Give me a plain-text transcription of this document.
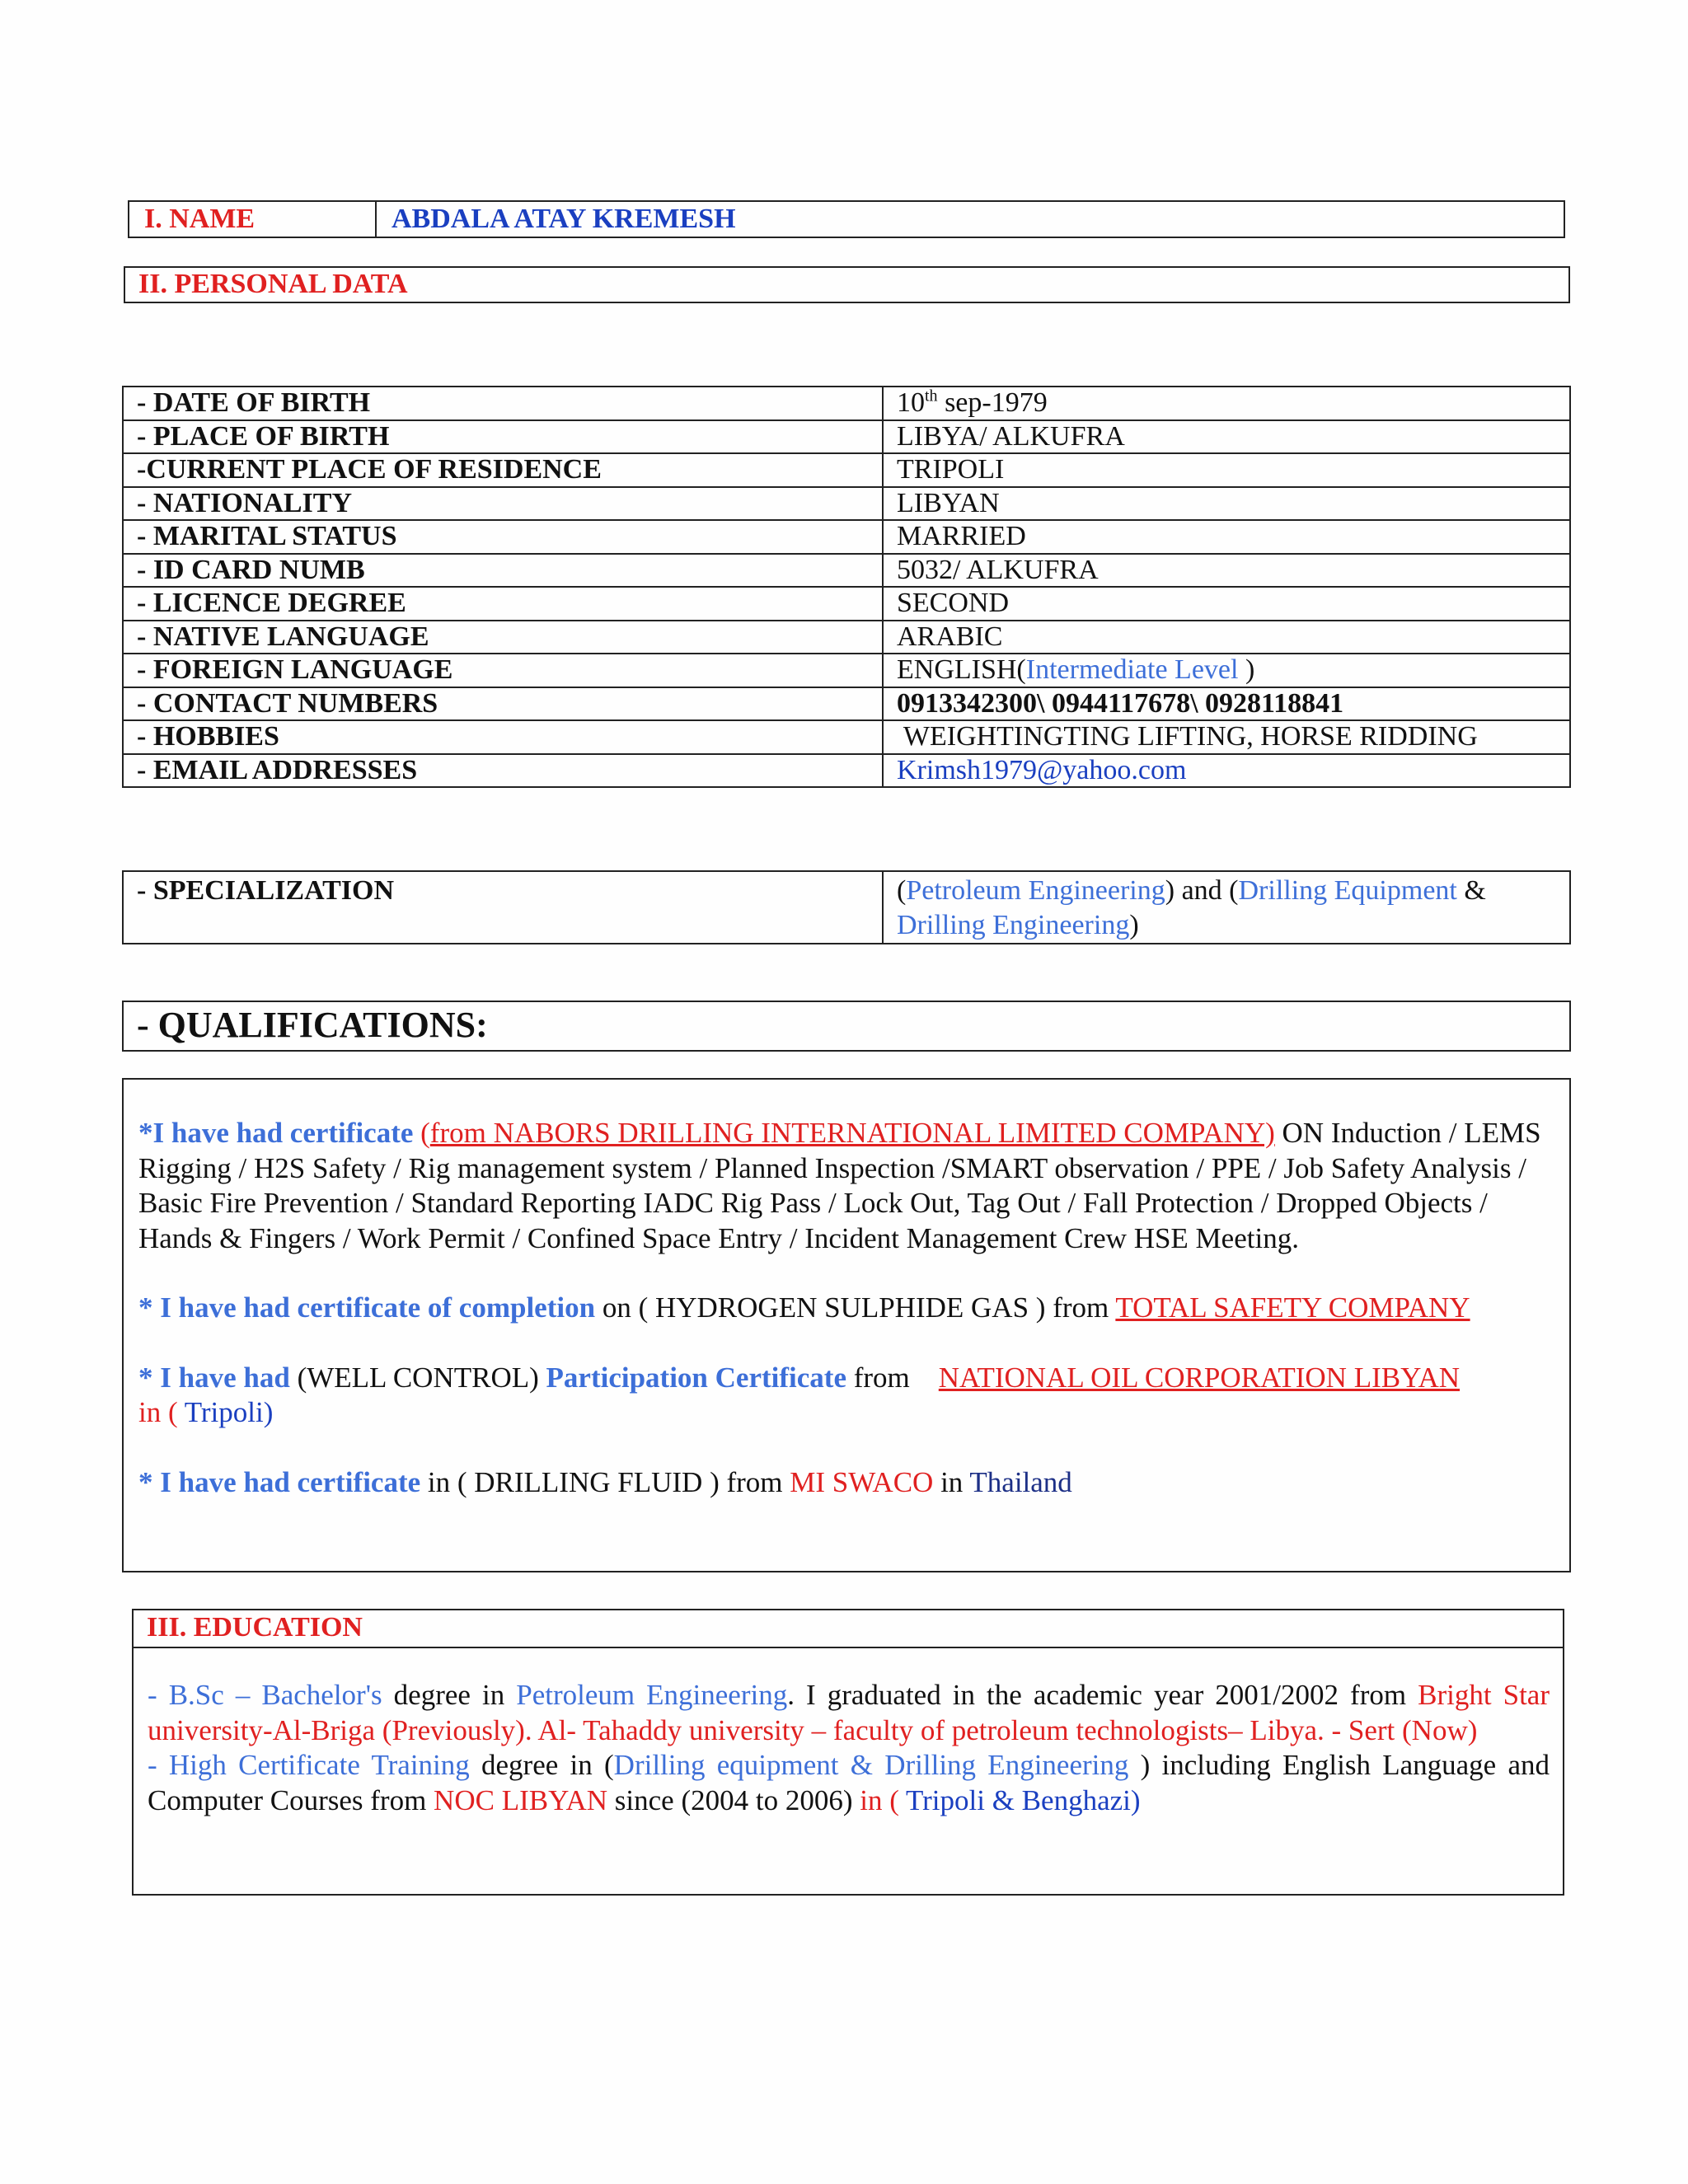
I. NAME	ABDALA ATAY KREMESH
II. PERSONAL DATA
- DATE OF BIRTH	10th sep-1979
- PLACE OF BIRTH	LIBYA/ ALKUFRA
-CURRENT PLACE OF RESIDENCE	TRIPOLI
- NATIONALITY	LIBYAN
- MARITAL STATUS	MARRIED
- ID CARD NUMB	5032/ ALKUFRA
- LICENCE DEGREE	SECOND
- NATIVE LANGUAGE	ARABIC
- FOREIGN LANGUAGE	ENGLISH(Intermediate Level )
- CONTACT NUMBERS	0913342300\ 0944117678\ 0928118841
- HOBBIES	WEIGHTINGTING LIFTING, HORSE RIDDING
- EMAIL ADDRESSES	Krimsh1979@yahoo.com
- SPECIALIZATION	(Petroleum Engineering) and (Drilling Equipment &
Drilling Engineering)
- QUALIFICATIONS:

*I have had certificate (from NABORS DRILLING INTERNATIONAL LIMITED COMPANY) ON Induction / LEMS Rigging / H2S Safety / Rig management system / Planned Inspection /SMART observation / PPE / Job Safety Analysis / Basic Fire Prevention / Standard Reporting IADC Rig Pass / Lock Out, Tag Out / Fall Protection / Dropped Objects / Hands & Fingers / Work Permit / Confined Space Entry / Incident Management Crew HSE Meeting.

* I have had certificate of completion on ( HYDROGEN SULPHIDE GAS ) from TOTAL SAFETY COMPANY

* I have had (WELL CONTROL) Participation Certificate from    NATIONAL OIL CORPORATION LIBYAN
in ( Tripoli)

* I have had certificate in ( DRILLING FLUID ) from MI SWACO in Thailand

III. EDUCATION

- B.Sc – Bachelor's degree in Petroleum Engineering. I graduated in the academic year 2001/2002 from Bright Star university-Al-Briga (Previously). Al- Tahaddy university – faculty of petroleum technologists– Libya. - Sert (Now)

- High Certificate Training degree in (Drilling equipment & Drilling Engineering ) including English Language and Computer Courses from NOC LIBYAN since (2004 to 2006) in ( Tripoli & Benghazi)
